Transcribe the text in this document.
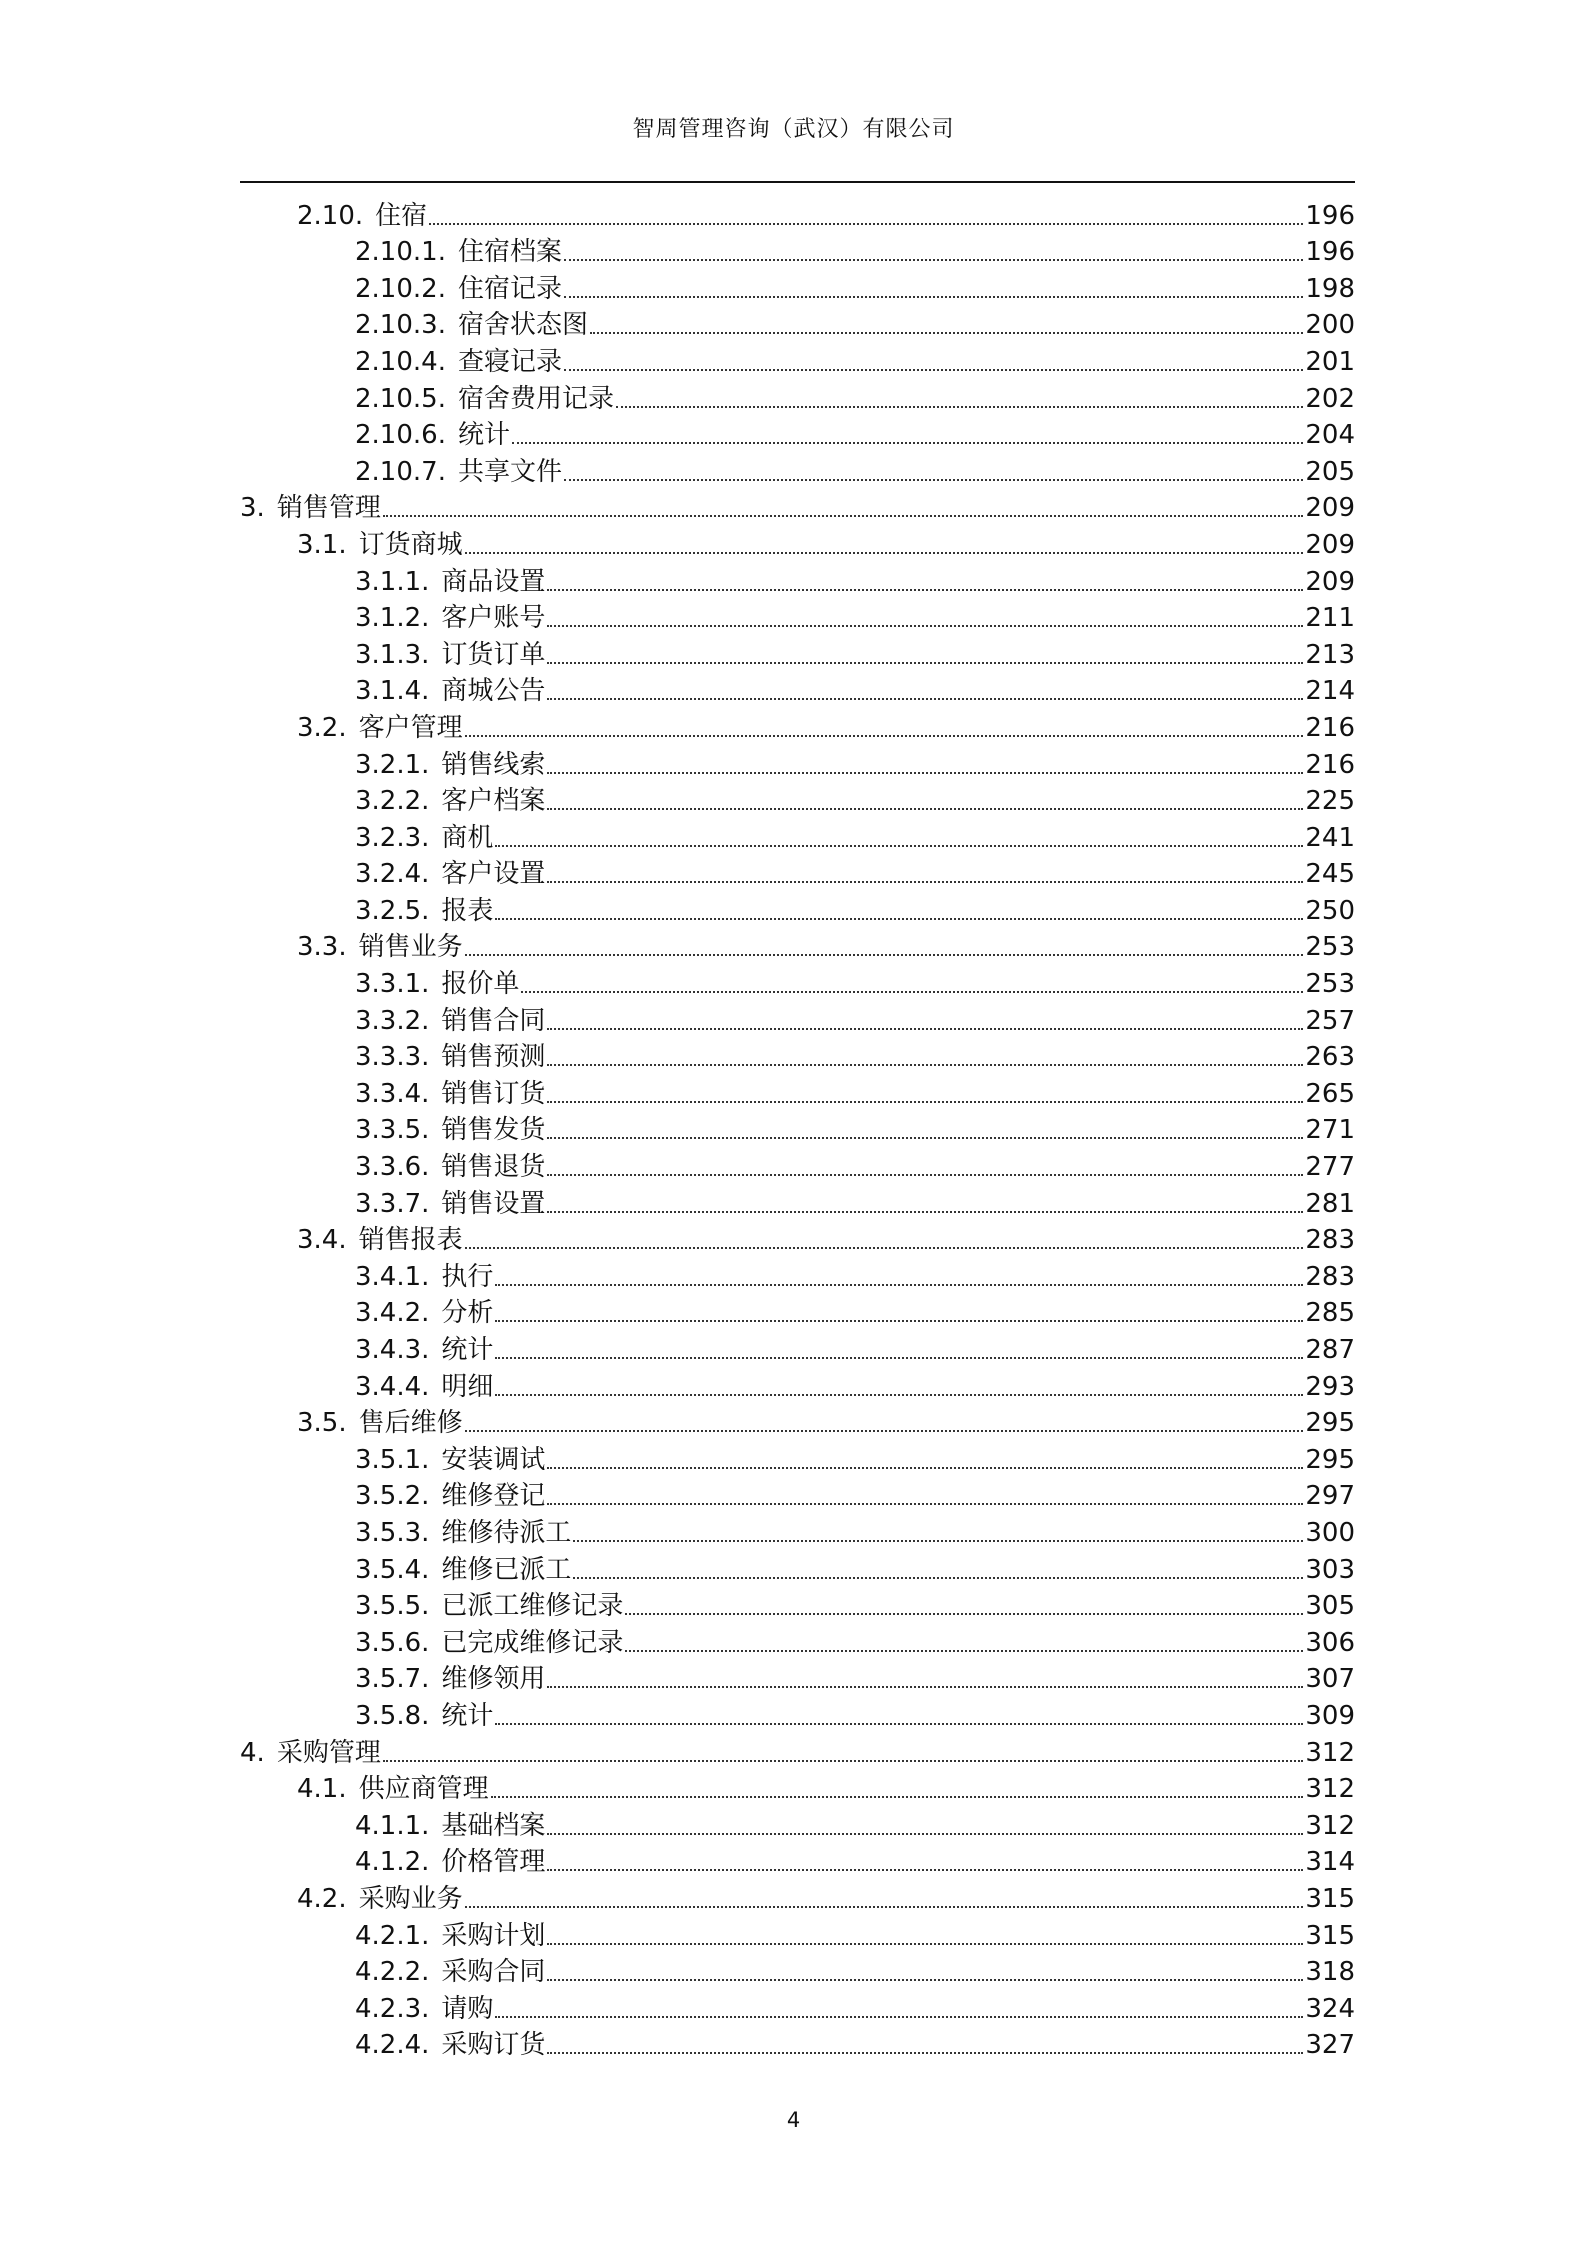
智周管理咨询（武汉）有限公司
2.10. 住宿	196
2.10.1. 住宿档案	196
2.10.2. 住宿记录	198
2.10.3. 宿舍状态图	200
2.10.4. 查寝记录	201
2.10.5. 宿舍费用记录	202
2.10.6. 统计	204
2.10.7. 共享文件	205
3. 销售管理	209
3.1. 订货商城	209
3.1.1. 商品设置	209
3.1.2. 客户账号	211
3.1.3. 订货订单	213
3.1.4. 商城公告	214
3.2. 客户管理	216
3.2.1. 销售线索	216
3.2.2. 客户档案	225
3.2.3. 商机	241
3.2.4. 客户设置	245
3.2.5. 报表	250
3.3. 销售业务	253
3.3.1. 报价单	253
3.3.2. 销售合同	257
3.3.3. 销售预测	263
3.3.4. 销售订货	265
3.3.5. 销售发货	271
3.3.6. 销售退货	277
3.3.7. 销售设置	281
3.4. 销售报表	283
3.4.1. 执行	283
3.4.2. 分析	285
3.4.3. 统计	287
3.4.4. 明细	293
3.5. 售后维修	295
3.5.1. 安装调试	295
3.5.2. 维修登记	297
3.5.3. 维修待派工	300
3.5.4. 维修已派工	303
3.5.5. 已派工维修记录	305
3.5.6. 已完成维修记录	306
3.5.7. 维修领用	307
3.5.8. 统计	309
4. 采购管理	312
4.1. 供应商管理	312
4.1.1. 基础档案	312
4.1.2. 价格管理	314
4.2. 采购业务	315
4.2.1. 采购计划	315
4.2.2. 采购合同	318
4.2.3. 请购	324
4.2.4. 采购订货	327
4
